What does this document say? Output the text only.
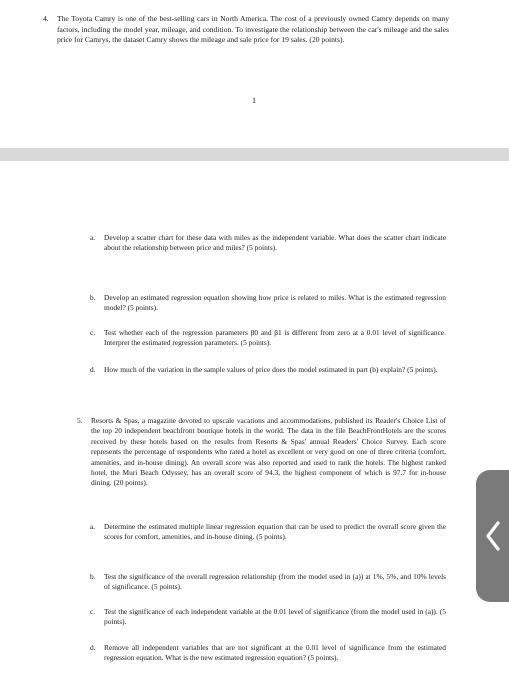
4. The Toyota Camry is one of the best-selling cars in North America. The cost of a previously owned Camry depends on many factors, including the model year, mileage, and condition. To investigate the relationship between the car's mileage and the sales price for Camrys, the dataset Camry shows the mileage and sale price for 19 sales. (20 points).
1
a. Develop a scatter chart for these data with miles as the independent variable. What does the scatter chart indicate about the relationship between price and miles? (5 points).
b. Develop an estimated regression equation showing how price is related to miles. What is the estimated regression model? (5 points).
c. Test whether each of the regression parameters β0 and β1 is different from zero at a 0.01 level of significance. Interpret the estimated regression parameters. (5 points).
d. How much of the variation in the sample values of price does the model estimated in part (b) explain? (5 points).
5. Resorts & Spas, a magazine devoted to upscale vacations and accommodations, published its Reader's Choice List of the top 20 independent beachfront boutique hotels in the world. The data in the file BeachFrontHotels are the scores received by these hotels based on the results from Resorts & Spas' annual Readers' Choice Survey. Each score represents the percentage of respondents who rated a hotel as excellent or very good on one of three criteria (comfort, amenities, and in-house dining). An overall score was also reported and used to rank the hotels. The highest ranked hotel, the Muri Beach Odyssey, has an overall score of 94.3, the highest component of which is 97.7 for in-house dining. (20 points).
a. Determine the estimated multiple linear regression equation that can be used to predict the overall score given the scores for comfort, amenities, and in-house dining. (5 points).
b. Test the significance of the overall regression relationship (from the model used in (a)) at 1%, 5%, and 10% levels of significance. (5 points).
c. Test the significance of each independent variable at the 0.01 level of significance (from the model used in (a)). (5 points).
d. Remove all independent variables that are not significant at the 0.01 level of significance from the estimated regression equation. What is the new estimated regression equation? (5 points).
